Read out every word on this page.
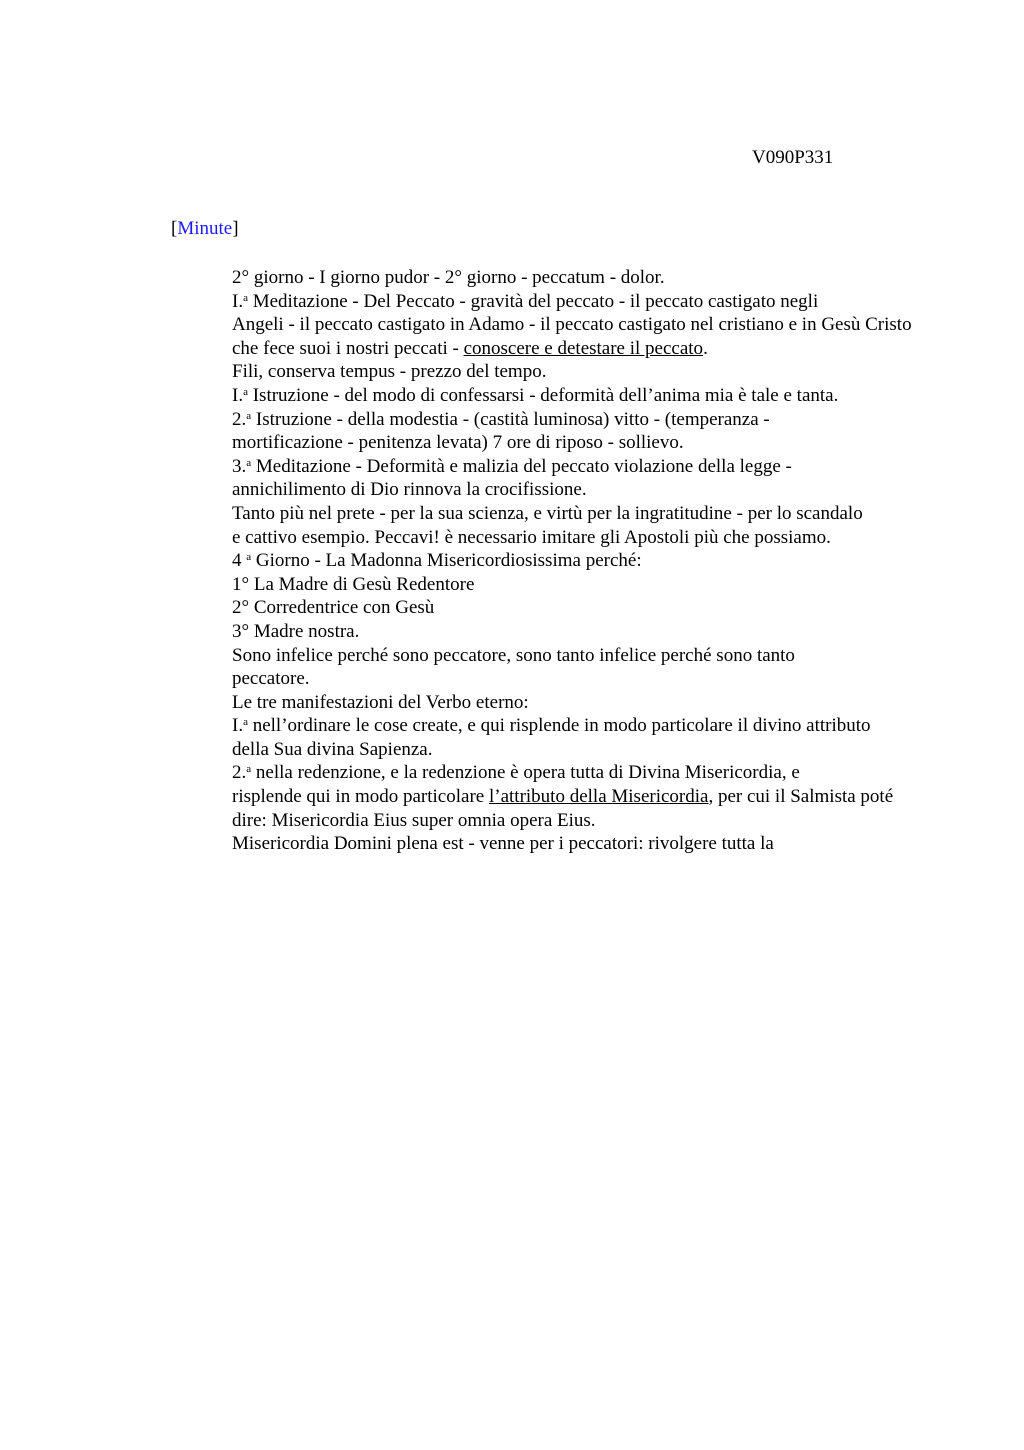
V090P331
[Minute]

2° giorno - I giorno pudor - 2° giorno - peccatum - dolor.

I.$^a$ Meditazione - Del Peccato - gravità del peccato - il peccato castigato negli
Angeli - il peccato castigato in Adamo - il peccato castigato nel cristiano e in Gesù Cristo
che fece suoi i nostri peccati - conoscere e detestare il peccato.

Fili, conserva tempus - prezzo del tempo.

I.$^a$ Istruzione - del modo di confessarsi - deformità dell’anima mia è tale e tanta.

2.$^a$ Istruzione - della modestia - (castità luminosa) vitto - (temperanza -
mortificazione - penitenza levata) 7 ore di riposo - sollievo.

3.$^a$ Meditazione - Deformità e malizia del peccato violazione della legge -
annichilimento di Dio rinnova la crocifissione.

Tanto più nel prete - per la sua scienza, e virtù per la ingratitudine - per lo scandalo
e cattivo esempio. Peccavi! è necessario imitare gli Apostoli più che possiamo.

4 $^a$ Giorno - La Madonna Misericordiosissima perché:

1° La Madre di Gesù Redentore

2° Corredentrice con Gesù

3° Madre nostra.

Sono infelice perché sono peccatore, sono tanto infelice perché sono tanto
peccatore.

Le tre manifestazioni del Verbo eterno:

I.$^a$ nell’ordinare le cose create, e qui risplende in modo particolare il divino attributo
della Sua divina Sapienza.

2.$^a$ nella redenzione, e la redenzione è opera tutta di Divina Misericordia, e
risplende qui in modo particolare l’attributo della Misericordia, per cui il Salmista poté
dire: Misericordia Eius super omnia opera Eius.

Misericordia Domini plena est - venne per i peccatori: rivolgere tutta la
